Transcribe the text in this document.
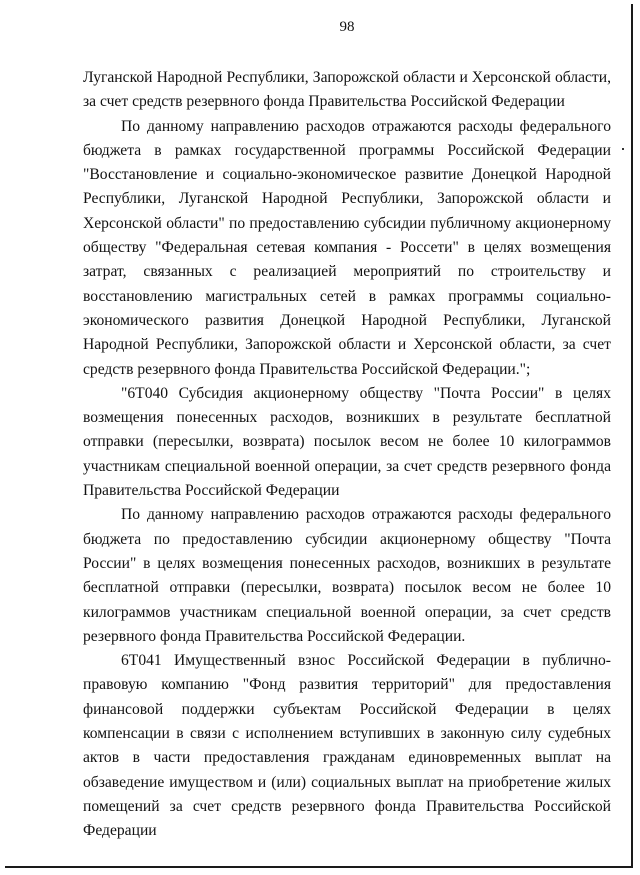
98

Луганской Народной Республики, Запорожской области и Херсонской области, за счет средств резервного фонда Правительства Российской Федерации

По данному направлению расходов отражаются расходы федерального бюджета в рамках государственной программы Российской Федерации "Восстановление и социально-экономическое развитие Донецкой Народной Республики, Луганской Народной Республики, Запорожской области и Херсонской области" по предоставлению субсидии публичному акционерному обществу "Федеральная сетевая компания - Россети" в целях возмещения затрат, связанных с реализацией мероприятий по строительству и восстановлению магистральных сетей в рамках программы социально-экономического развития Донецкой Народной Республики, Луганской Народной Республики, Запорожской области и Херсонской области, за счет средств резервного фонда Правительства Российской Федерации.";

"6Т040 Субсидия акционерному обществу "Почта России" в целях возмещения понесенных расходов, возникших в результате бесплатной отправки (пересылки, возврата) посылок весом не более 10 килограммов участникам специальной военной операции, за счет средств резервного фонда Правительства Российской Федерации

По данному направлению расходов отражаются расходы федерального бюджета по предоставлению субсидии акционерному обществу "Почта России" в целях возмещения понесенных расходов, возникших в результате бесплатной отправки (пересылки, возврата) посылок весом не более 10 килограммов участникам специальной военной операции, за счет средств резервного фонда Правительства Российской Федерации.

6Т041 Имущественный взнос Российской Федерации в публично-правовую компанию "Фонд развития территорий" для предоставления финансовой поддержки субъектам Российской Федерации в целях компенсации в связи с исполнением вступивших в законную силу судебных актов в части предоставления гражданам единовременных выплат на обзаведение имуществом и (или) социальных выплат на приобретение жилых помещений за счет средств резервного фонда Правительства Российской Федерации
